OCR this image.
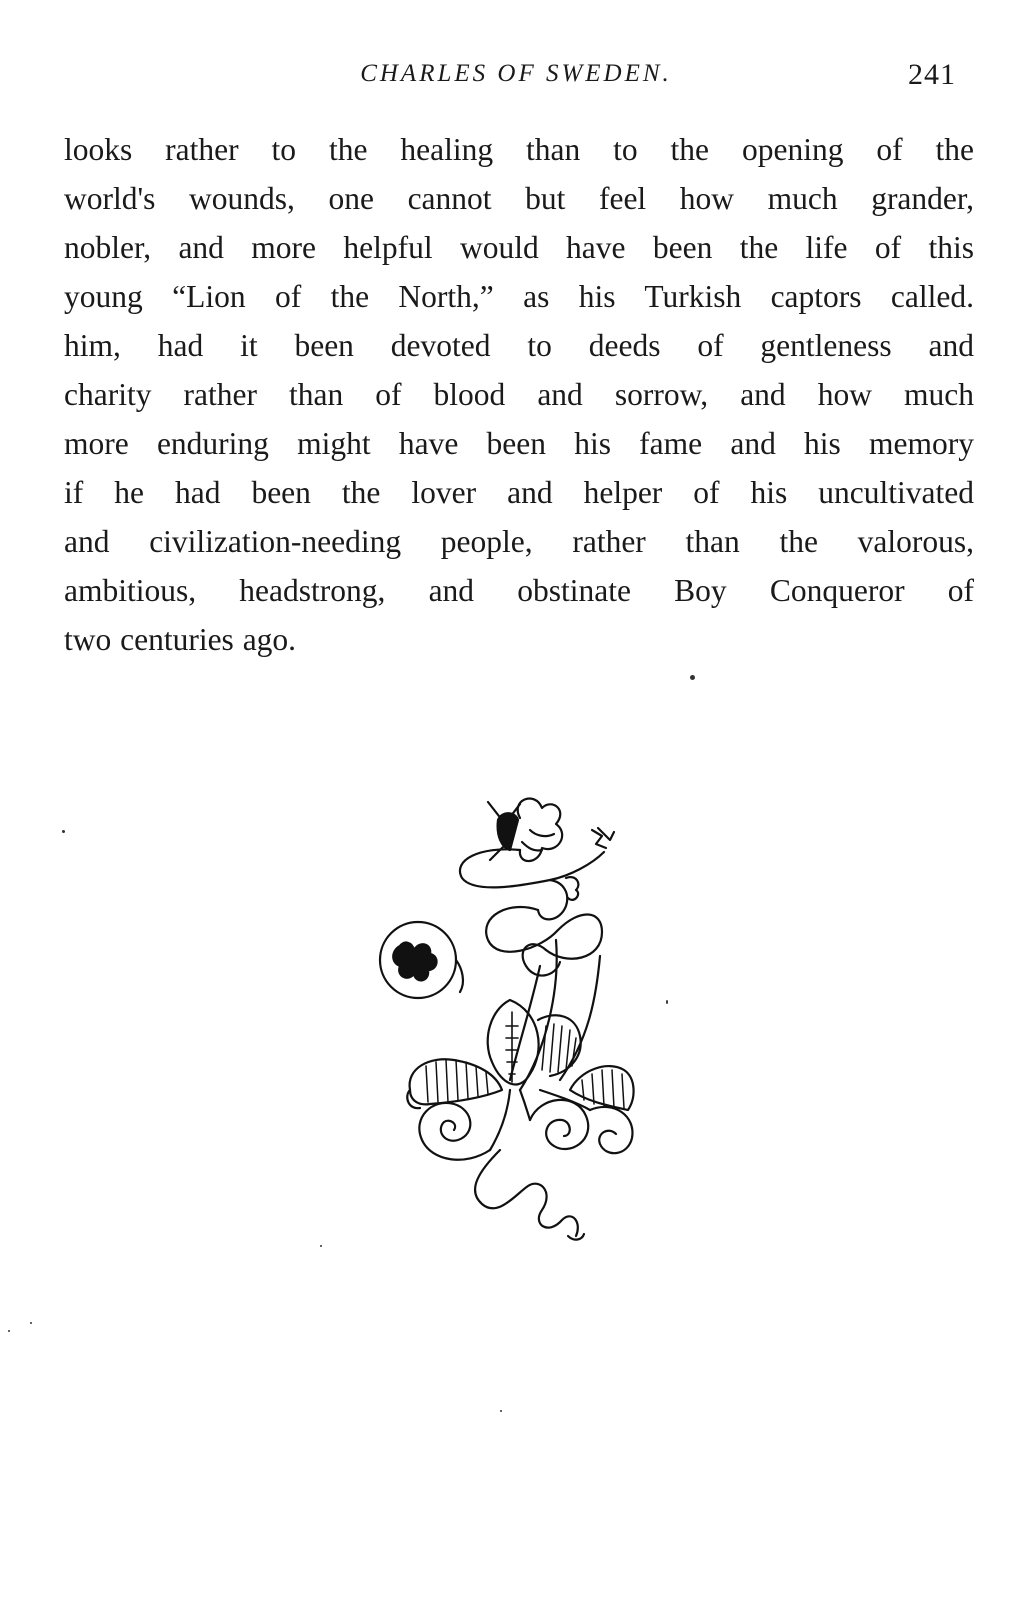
CHARLES OF SWEDEN.	241

looks rather to the healing than to the opening of the
world's wounds, one cannot but feel how much grander,
nobler, and more helpful would have been the life of this
young “Lion of the North,” as his Turkish captors called.
him, had it been devoted to deeds of gentleness and
charity rather than of blood and sorrow, and how much
more enduring might have been his fame and his memory
if he had been the lover and helper of his uncultivated
and civilization-needing people, rather than the valorous,
ambitious, headstrong, and obstinate Boy Conqueror of
two centuries ago.
